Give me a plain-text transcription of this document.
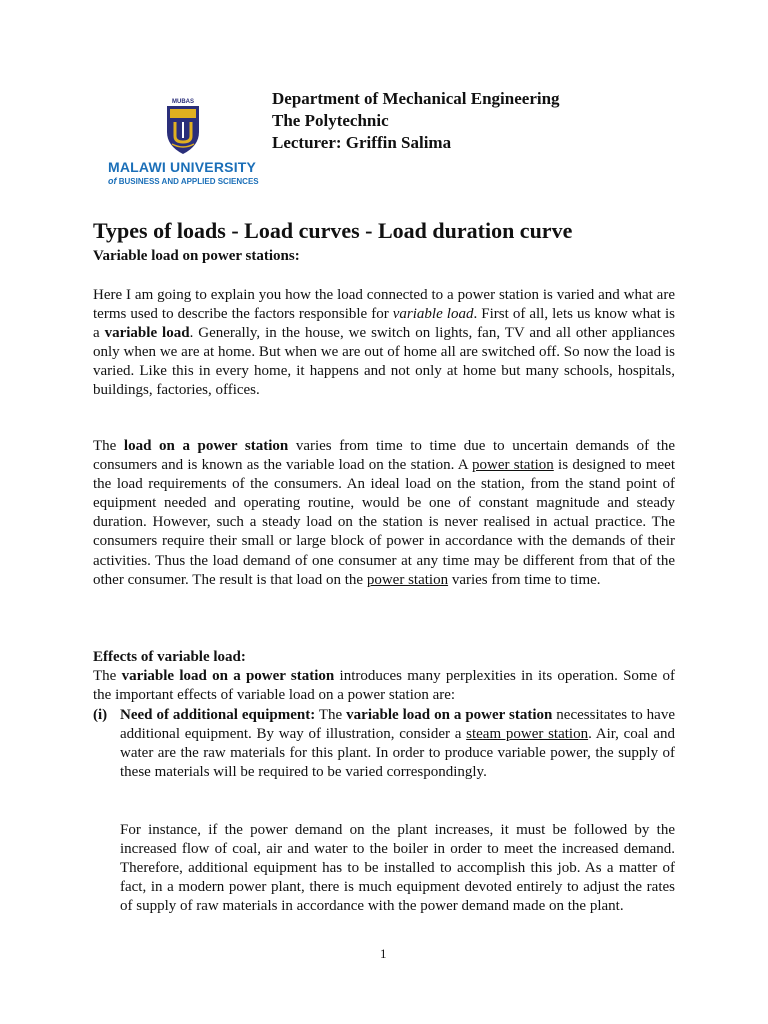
MUBAS
MALAWI UNIVERSITY
of BUSINESS AND APPLIED SCIENCES
Department of Mechanical Engineering
The Polytechnic
Lecturer: Griffin Salima
Types of loads - Load curves - Load duration curve
Variable load on power stations:
Here I am going to explain you how the load connected to a power station is varied and what are terms used to describe the factors responsible for variable load. First of all, lets us know what is a variable load. Generally, in the house, we switch on lights, fan, TV and all other appliances only when we are at home. But when we are out of home all are switched off. So now the load is varied. Like this in every home, it happens and not only at home but many schools, hospitals, buildings, factories, offices.
The load on a power station varies from time to time due to uncertain demands of the consumers and is known as the variable load on the station. A power station is designed to meet the load requirements of the consumers. An ideal load on the station, from the stand point of equipment needed and operating routine, would be one of constant magnitude and steady duration. However, such a steady load on the station is never realised in actual practice. The consumers require their small or large block of power in accordance with the demands of their activities. Thus the load demand of one consumer at any time may be different from that of the other consumer. The result is that load on the power station varies from time to time.
Effects of variable load:
The variable load on a power station introduces many perplexities in its operation. Some of the important effects of variable load on a power station are:
(i) Need of additional equipment: The variable load on a power station necessitates to have additional equipment. By way of illustration, consider a steam power station. Air, coal and water are the raw materials for this plant. In order to produce variable power, the supply of these materials will be required to be varied correspondingly.
For instance, if the power demand on the plant increases, it must be followed by the increased flow of coal, air and water to the boiler in order to meet the increased demand. Therefore, additional equipment has to be installed to accomplish this job. As a matter of fact, in a modern power plant, there is much equipment devoted entirely to adjust the rates of supply of raw materials in accordance with the power demand made on the plant.
1
